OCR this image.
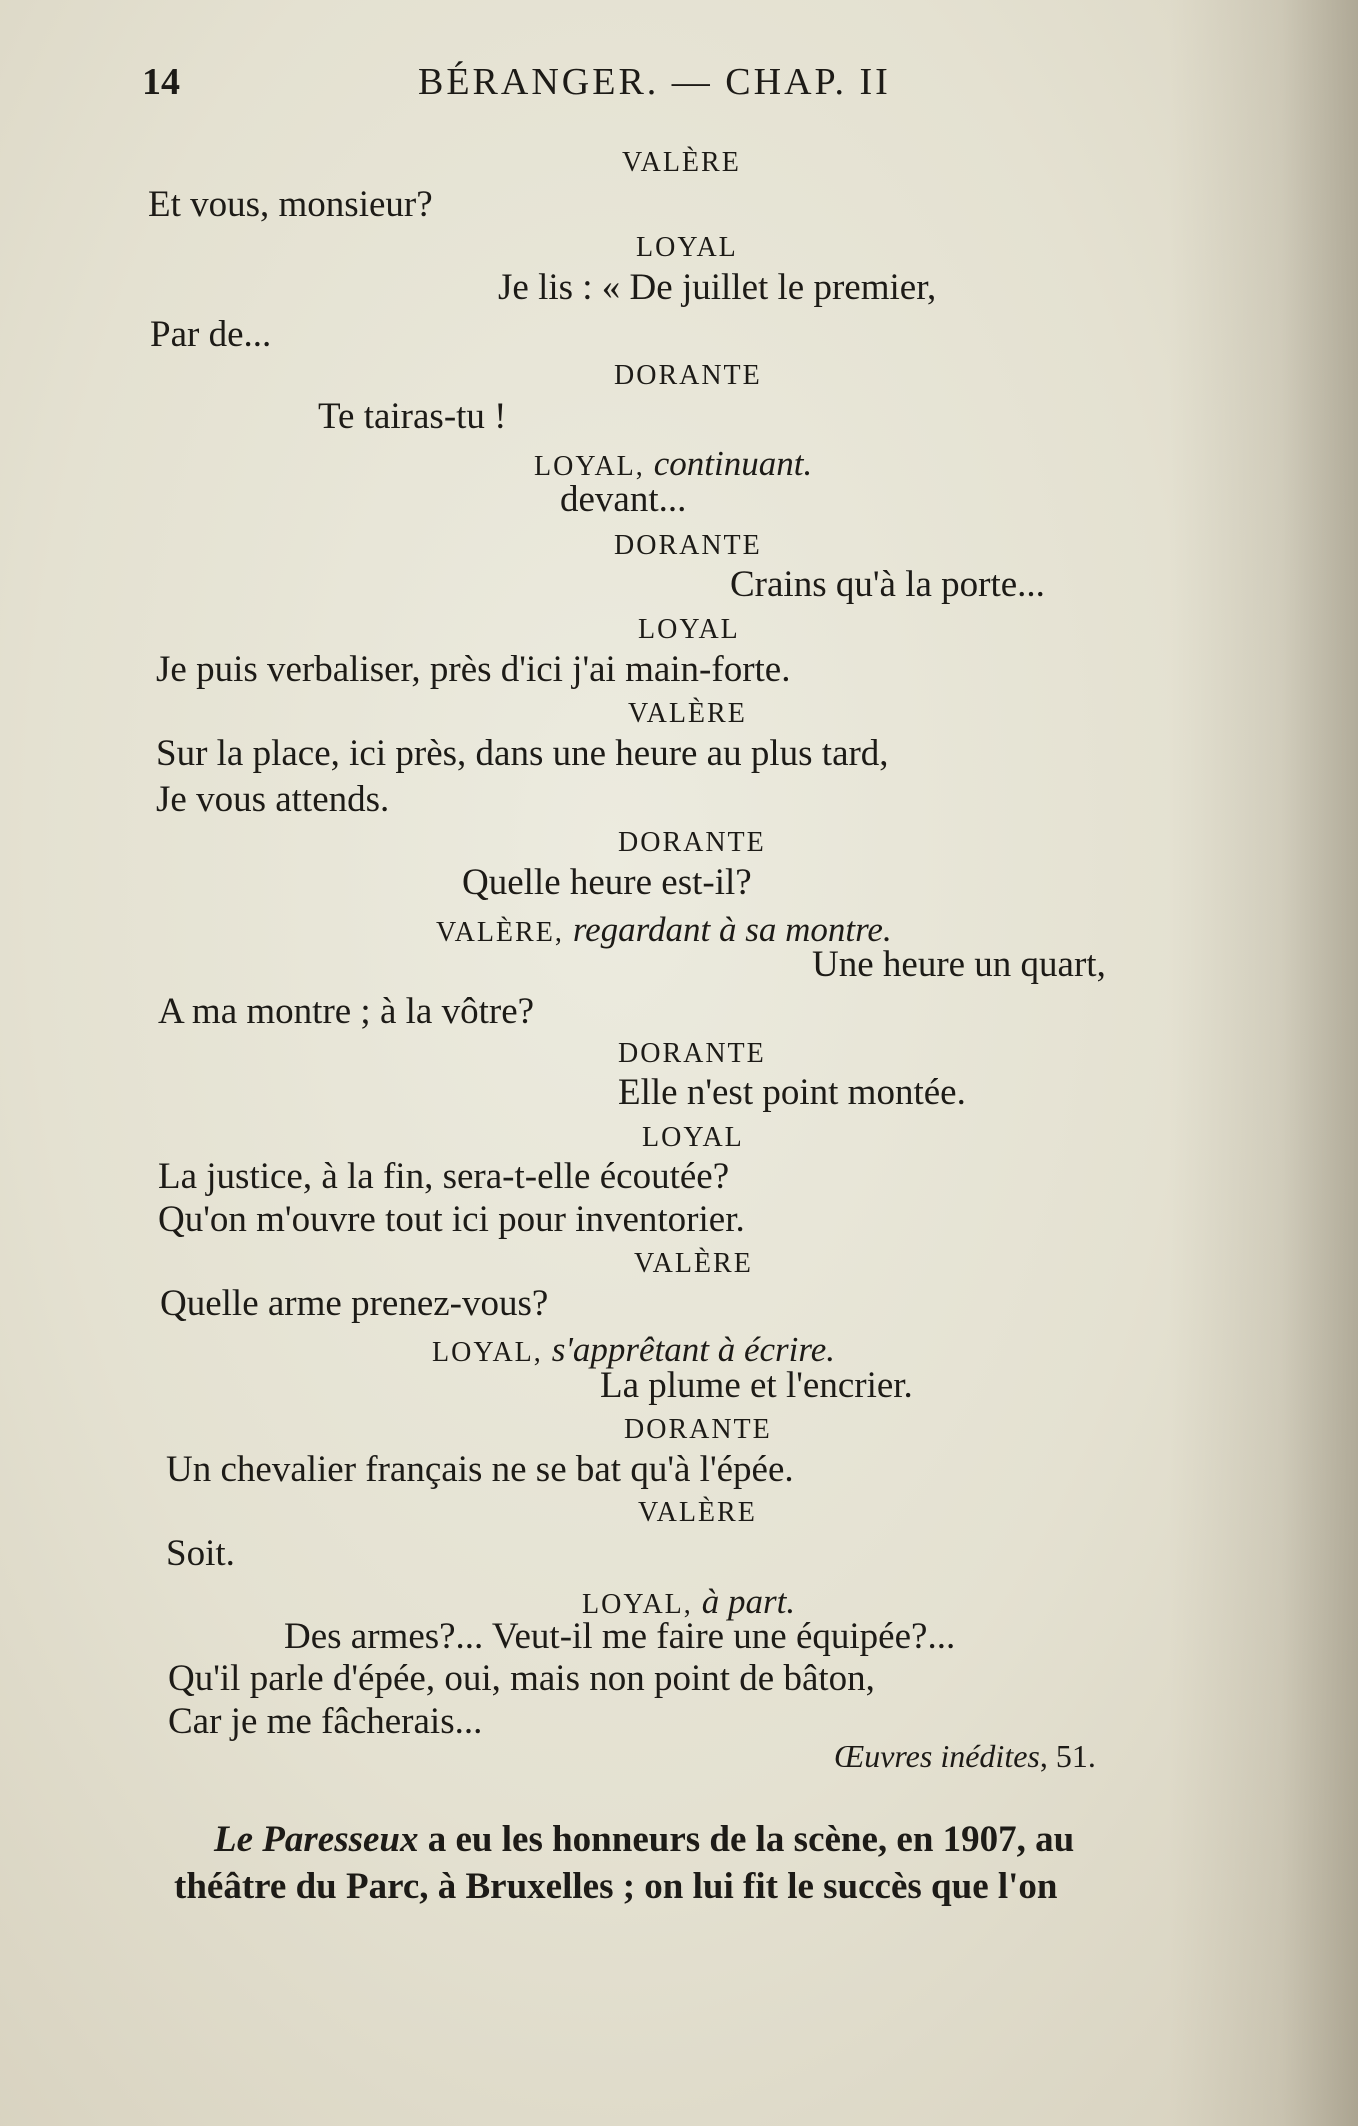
14	BÉRANGER. — CHAP. II
VALÈRE
Et vous, monsieur?
LOYAL
Je lis : « De juillet le premier,
Par de...
DORANTE
Te tairas-tu !
LOYAL, continuant.
devant...
DORANTE
Crains qu'à la porte...
LOYAL
Je puis verbaliser, près d'ici j'ai main-forte.
VALÈRE
Sur la place, ici près, dans une heure au plus tard,
Je vous attends.
DORANTE
Quelle heure est-il?
VALÈRE, regardant à sa montre.
Une heure un quart,
A ma montre ; à la vôtre?
DORANTE
Elle n'est point montée.
LOYAL
La justice, à la fin, sera-t-elle écoutée?
Qu'on m'ouvre tout ici pour inventorier.
VALÈRE
Quelle arme prenez-vous?
LOYAL, s'apprêtant à écrire.
La plume et l'encrier.
DORANTE
Un chevalier français ne se bat qu'à l'épée.
VALÈRE
Soit.
LOYAL, à part.
Des armes?... Veut-il me faire une équipée?...
Qu'il parle d'épée, oui, mais non point de bâton,
Car je me fâcherais...
Œuvres inédites, 51.
Le Paresseux a eu les honneurs de la scène, en 1907, au
théâtre du Parc, à Bruxelles ; on lui fit le succès que l'on
